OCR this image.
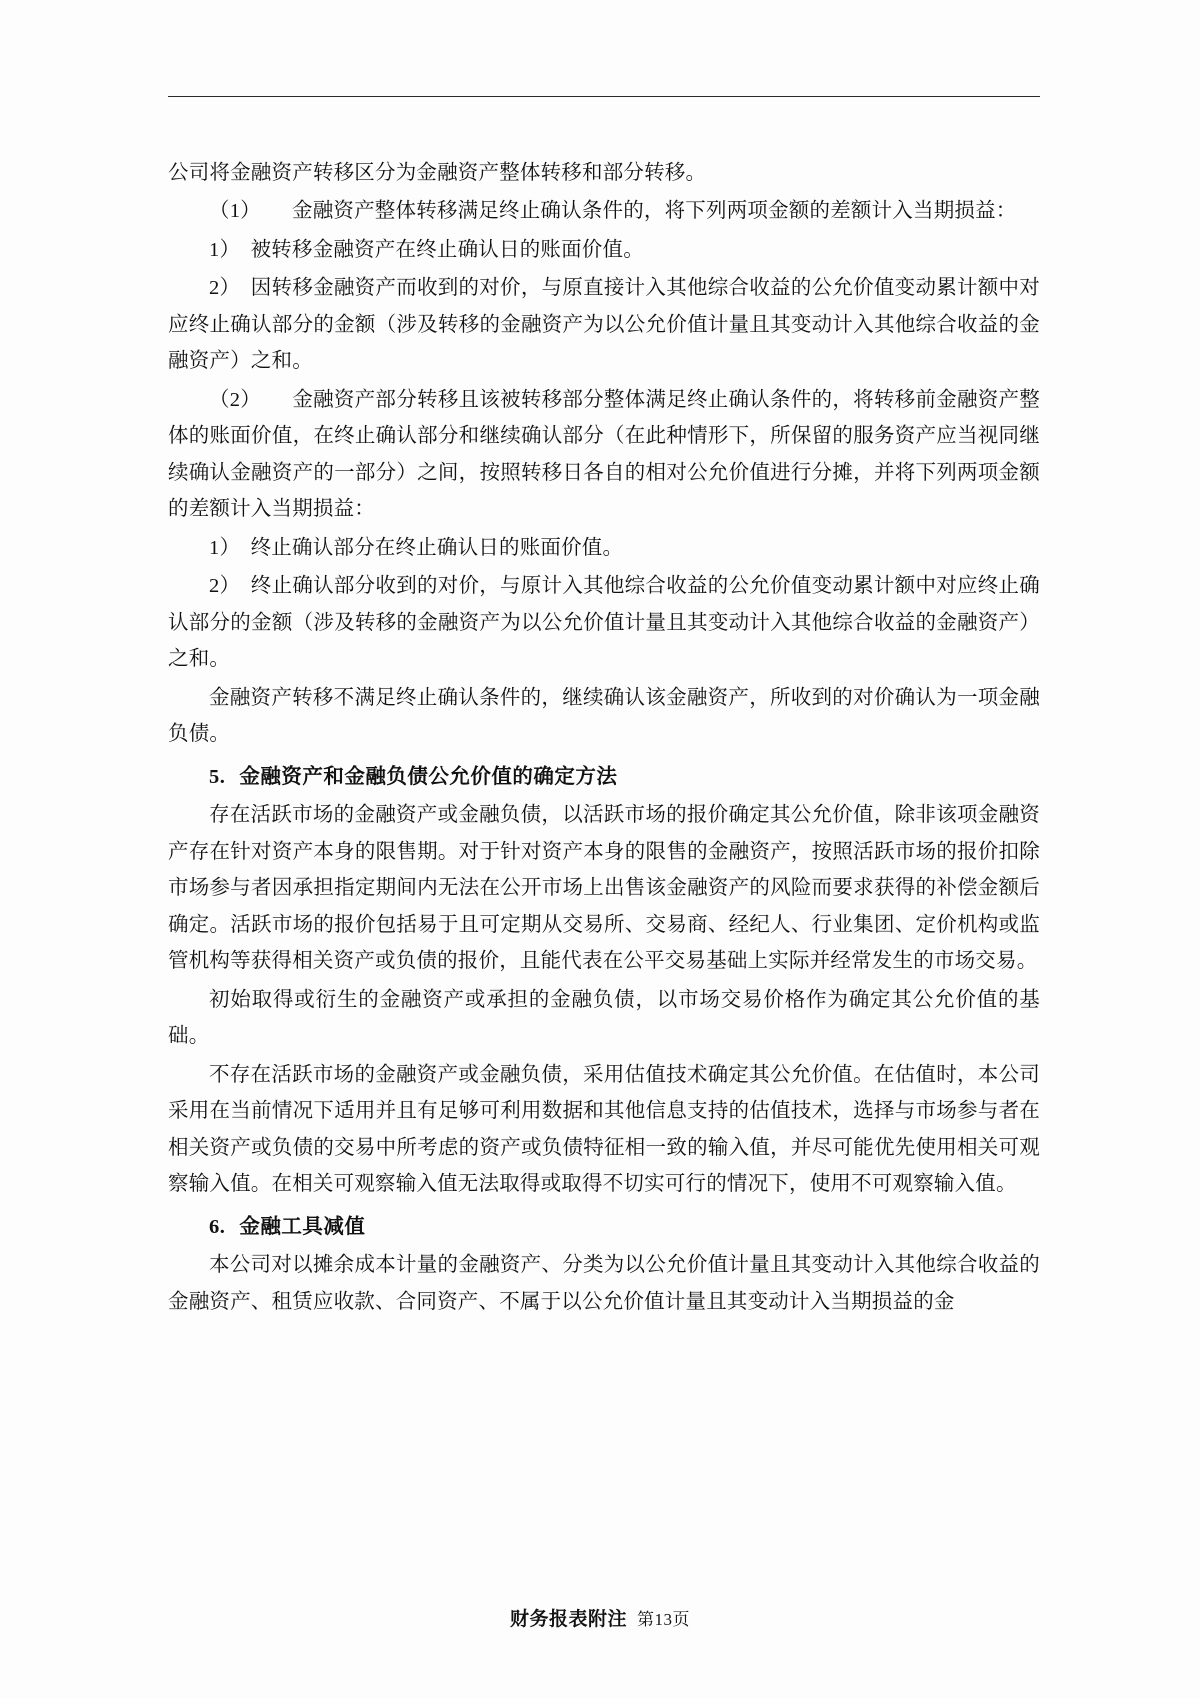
公司将金融资产转移区分为金融资产整体转移和部分转移。

（1）　　金融资产整体转移满足终止确认条件的，将下列两项金额的差额计入当期损益：

1）　被转移金融资产在终止确认日的账面价值。

2）　因转移金融资产而收到的对价，与原直接计入其他综合收益的公允价值变动累计额中对应终止确认部分的金额（涉及转移的金融资产为以公允价值计量且其变动计入其他综合收益的金融资产）之和。

（2）　　金融资产部分转移且该被转移部分整体满足终止确认条件的，将转移前金融资产整体的账面价值，在终止确认部分和继续确认部分（在此种情形下，所保留的服务资产应当视同继续确认金融资产的一部分）之间，按照转移日各自的相对公允价值进行分摊，并将下列两项金额的差额计入当期损益：

1）　终止确认部分在终止确认日的账面价值。

2）　终止确认部分收到的对价，与原计入其他综合收益的公允价值变动累计额中对应终止确认部分的金额（涉及转移的金融资产为以公允价值计量且其变动计入其他综合收益的金融资产）之和。

金融资产转移不满足终止确认条件的，继续确认该金融资产，所收到的对价确认为一项金融负债。

5. 金融资产和金融负债公允价值的确定方法

存在活跃市场的金融资产或金融负债，以活跃市场的报价确定其公允价值，除非该项金融资产存在针对资产本身的限售期。对于针对资产本身的限售的金融资产，按照活跃市场的报价扣除市场参与者因承担指定期间内无法在公开市场上出售该金融资产的风险而要求获得的补偿金额后确定。活跃市场的报价包括易于且可定期从交易所、交易商、经纪人、行业集团、定价机构或监管机构等获得相关资产或负债的报价，且能代表在公平交易基础上实际并经常发生的市场交易。

初始取得或衍生的金融资产或承担的金融负债，以市场交易价格作为确定其公允价值的基础。

不存在活跃市场的金融资产或金融负债，采用估值技术确定其公允价值。在估值时，本公司采用在当前情况下适用并且有足够可利用数据和其他信息支持的估值技术，选择与市场参与者在相关资产或负债的交易中所考虑的资产或负债特征相一致的输入值，并尽可能优先使用相关可观察输入值。在相关可观察输入值无法取得或取得不切实可行的情况下，使用不可观察输入值。

6. 金融工具减值

本公司对以摊余成本计量的金融资产、分类为以公允价值计量且其变动计入其他综合收益的金融资产、租赁应收款、合同资产、不属于以公允价值计量且其变动计入当期损益的金

财务报表附注 第13页
